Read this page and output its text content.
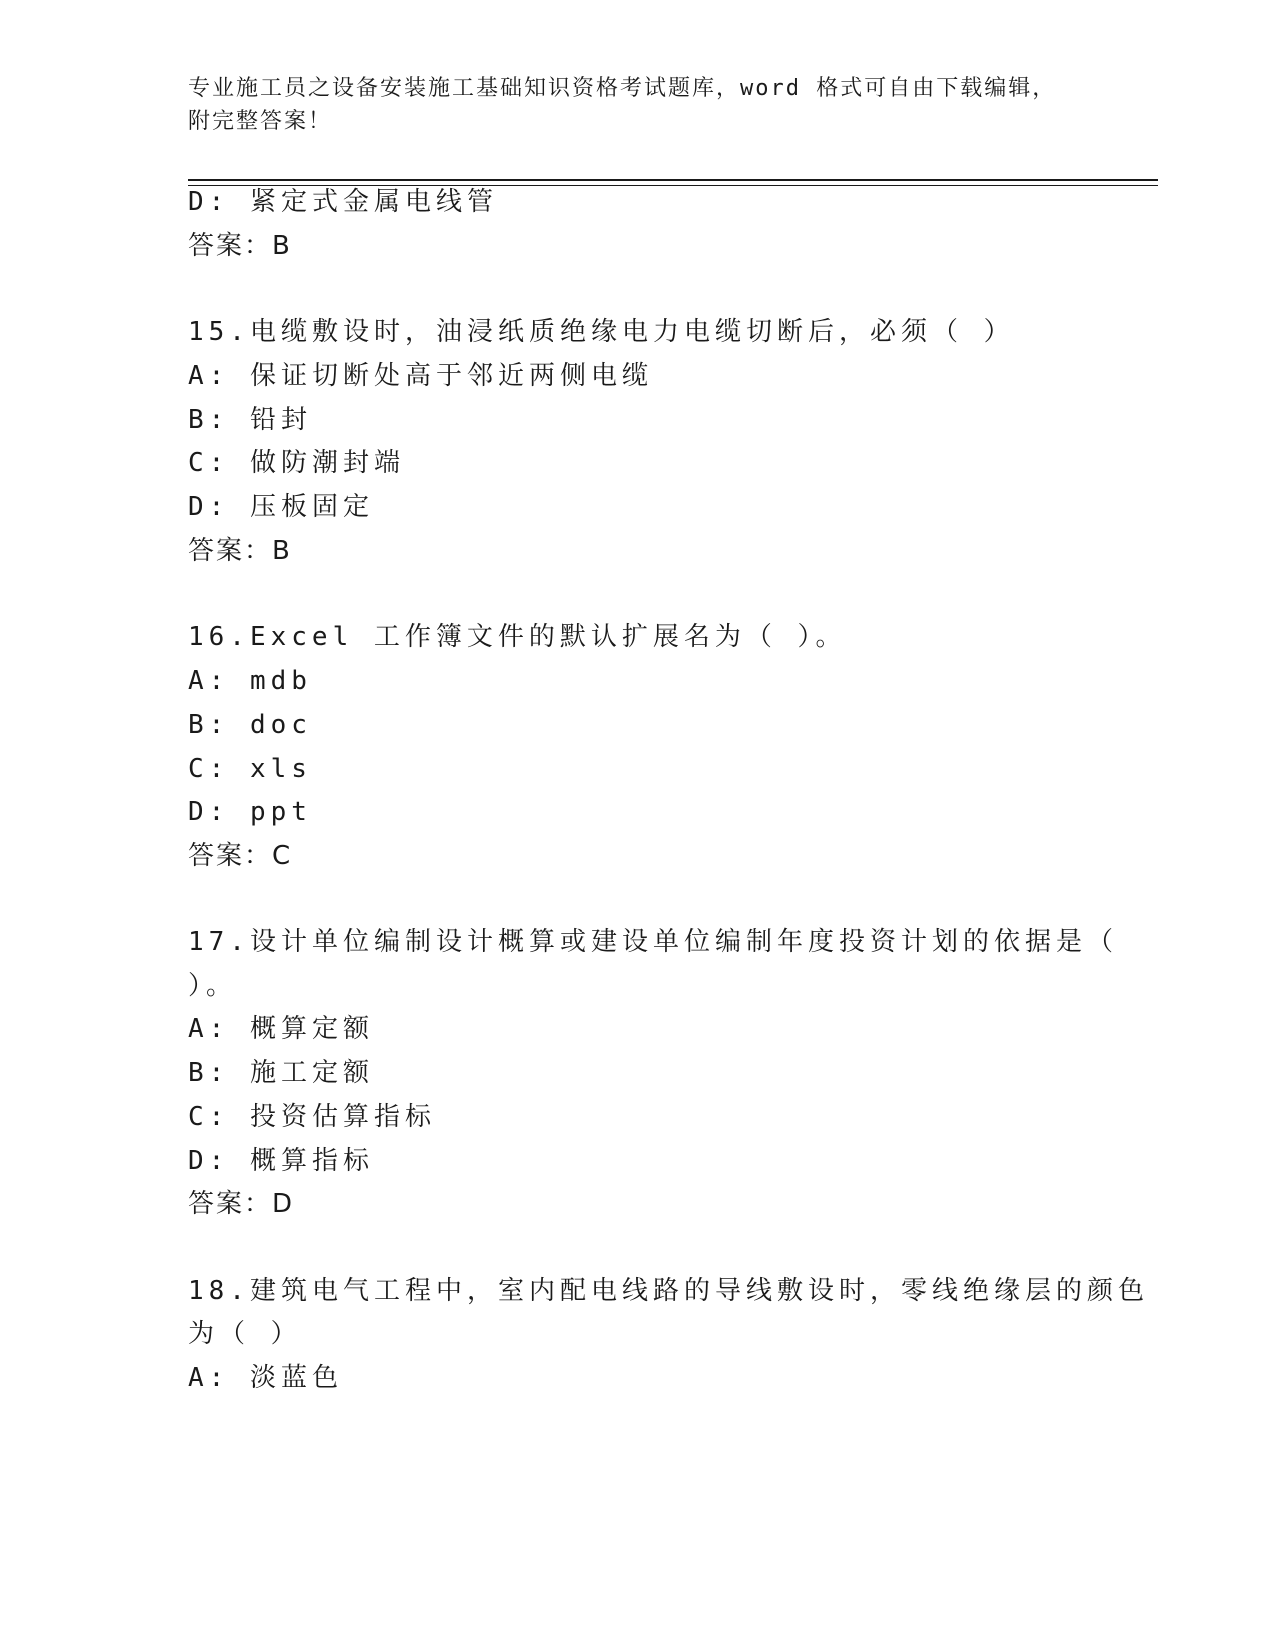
专业施工员之设备安装施工基础知识资格考试题库，word 格式可自由下载编辑，附完整答案！
D: 紧定式金属电线管
答案：B
15.电缆敷设时，油浸纸质绝缘电力电缆切断后，必须（ ）
A: 保证切断处高于邻近两侧电缆
B: 铅封
C: 做防潮封端
D: 压板固定
答案：B
16.Excel 工作簿文件的默认扩展名为（ ）。
A: mdb
B: doc
C: xls
D: ppt
答案：C
17.设计单位编制设计概算或建设单位编制年度投资计划的依据是（
）。
A: 概算定额
B: 施工定额
C: 投资估算指标
D: 概算指标
答案：D
18.建筑电气工程中，室内配电线路的导线敷设时，零线绝缘层的颜色
为（ ）
A: 淡蓝色
